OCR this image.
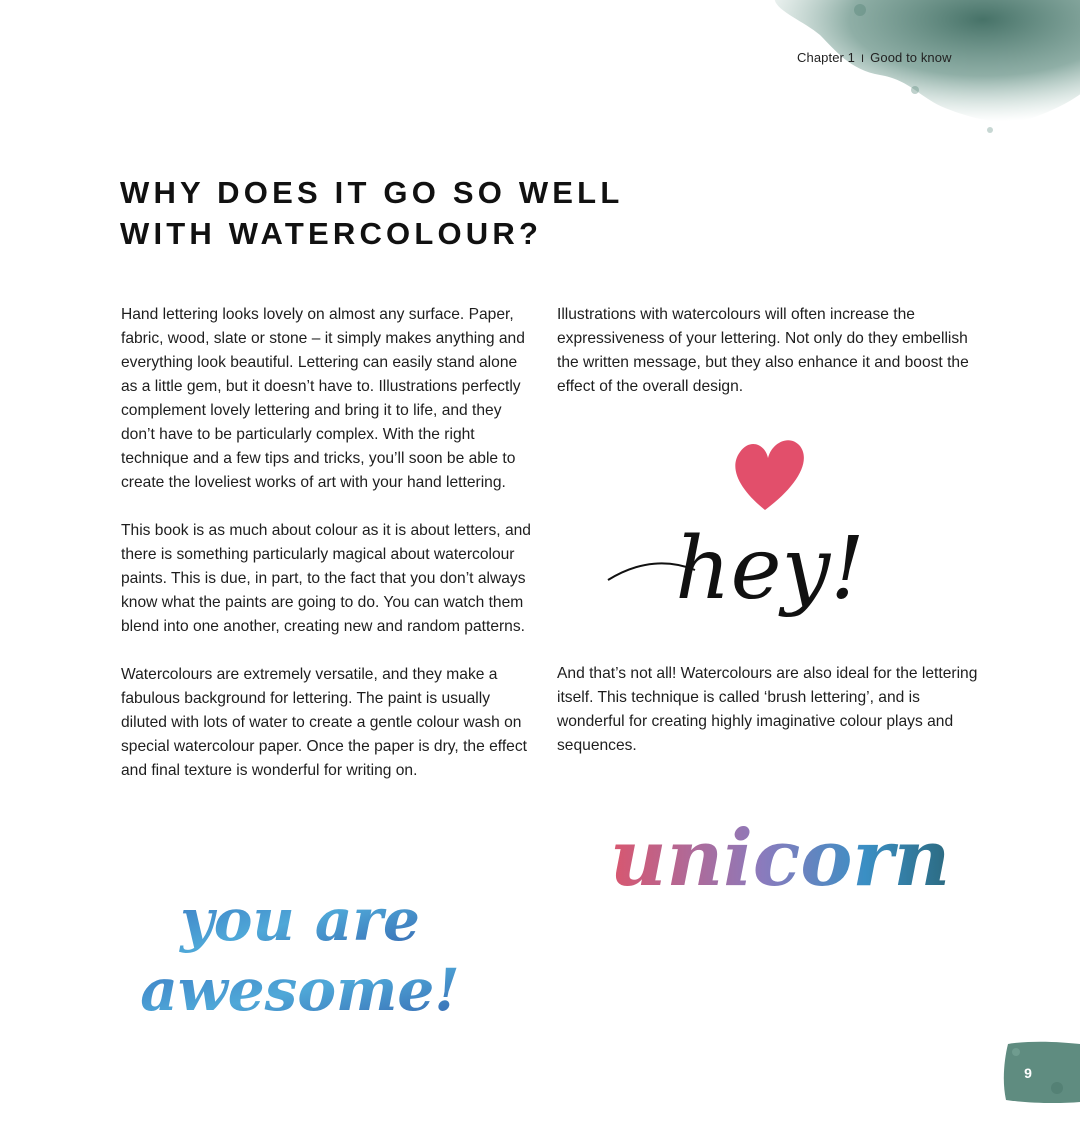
Chapter 1 I Good to know
WHY DOES IT GO SO WELL
WITH WATERCOLOUR?

Hand lettering looks lovely on almost any surface. Paper, fabric, wood, slate or stone – it simply makes anything and everything look beautiful. Lettering can easily stand alone as a little gem, but it doesn’t have to. Illustrations perfectly complement lovely lettering and bring it to life, and they don’t have to be particularly complex. With the right technique and a few tips and tricks, you’ll soon be able to create the loveliest works of art with your hand lettering.

This book is as much about colour as it is about letters, and there is something particularly magical about watercolour paints. This is due, in part, to the fact that you don’t always know what the paints are going to do. You can watch them blend into one another, creating new and random patterns.

Watercolours are extremely versatile, and they make a fabulous background for lettering. The paint is usually diluted with lots of water to create a gentle colour wash on special watercolour paper. Once the paper is dry, the effect and final texture is wonderful for writing on.

Illustrations with watercolours will often increase the expressiveness of your lettering. Not only do they embellish the written message, but they also enhance it and boost the effect of the overall design.

And that’s not all! Watercolours are also ideal for the lettering itself. This technique is called ‘brush lettering’, and is wonderful for creating highly imaginative colour plays and sequences.

hey!
unicorn
you are
awesome!
9
